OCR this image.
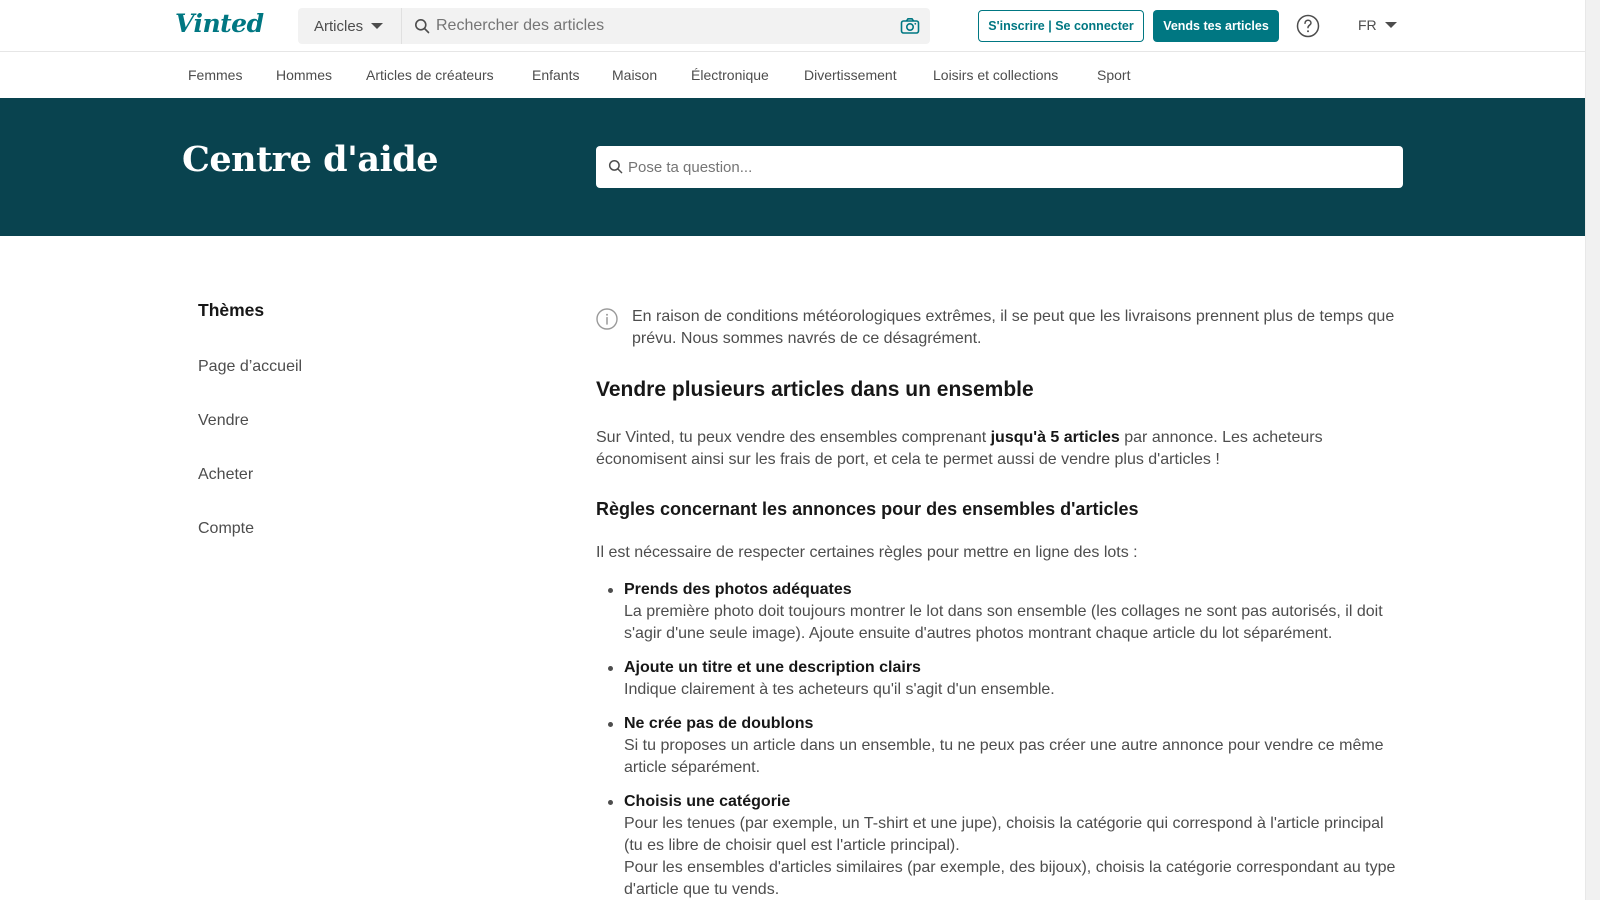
Vinted	Articles
Rechercher des articles	S'inscrire | Se connecter	Vends tes articles	FR
Femmes Hommes Articles de créateurs	Enfants Maison Électronique	Divertissement	Loisirs et collections	Sport
Centre d'aide
Pose ta question...
Thèmes
Page d’accueil
Vendre
Acheter
Compte
En raison de conditions météorologiques extrêmes, il se peut que les livraisons prennent plus de temps que prévu. Nous sommes navrés de ce désagrément.
Vendre plusieurs articles dans un ensemble

Sur Vinted, tu peux vendre des ensembles comprenant jusqu'à 5 articles par annonce. Les acheteurs économisent ainsi sur les frais de port, et cela te permet aussi de vendre plus d'articles !

Règles concernant les annonces pour des ensembles d'articles

Il est nécessaire de respecter certaines règles pour mettre en ligne des lots :

Prends des photos adéquates
La première photo doit toujours montrer le lot dans son ensemble (les collages ne sont pas autorisés, il doit s'agir d'une seule image). Ajoute ensuite d'autres photos montrant chaque article du lot séparément.
Ajoute un titre et une description clairs
Indique clairement à tes acheteurs qu'il s'agit d'un ensemble.
Ne crée pas de doublons
Si tu proposes un article dans un ensemble, tu ne peux pas créer une autre annonce pour vendre ce même article séparément.
Choisis une catégorie
Pour les tenues (par exemple, un T-shirt et une jupe), choisis la catégorie qui correspond à l'article principal (tu es libre de choisir quel est l'article principal).
Pour les ensembles d'articles similaires (par exemple, des bijoux), choisis la catégorie correspondant au type d'article que tu vends.
